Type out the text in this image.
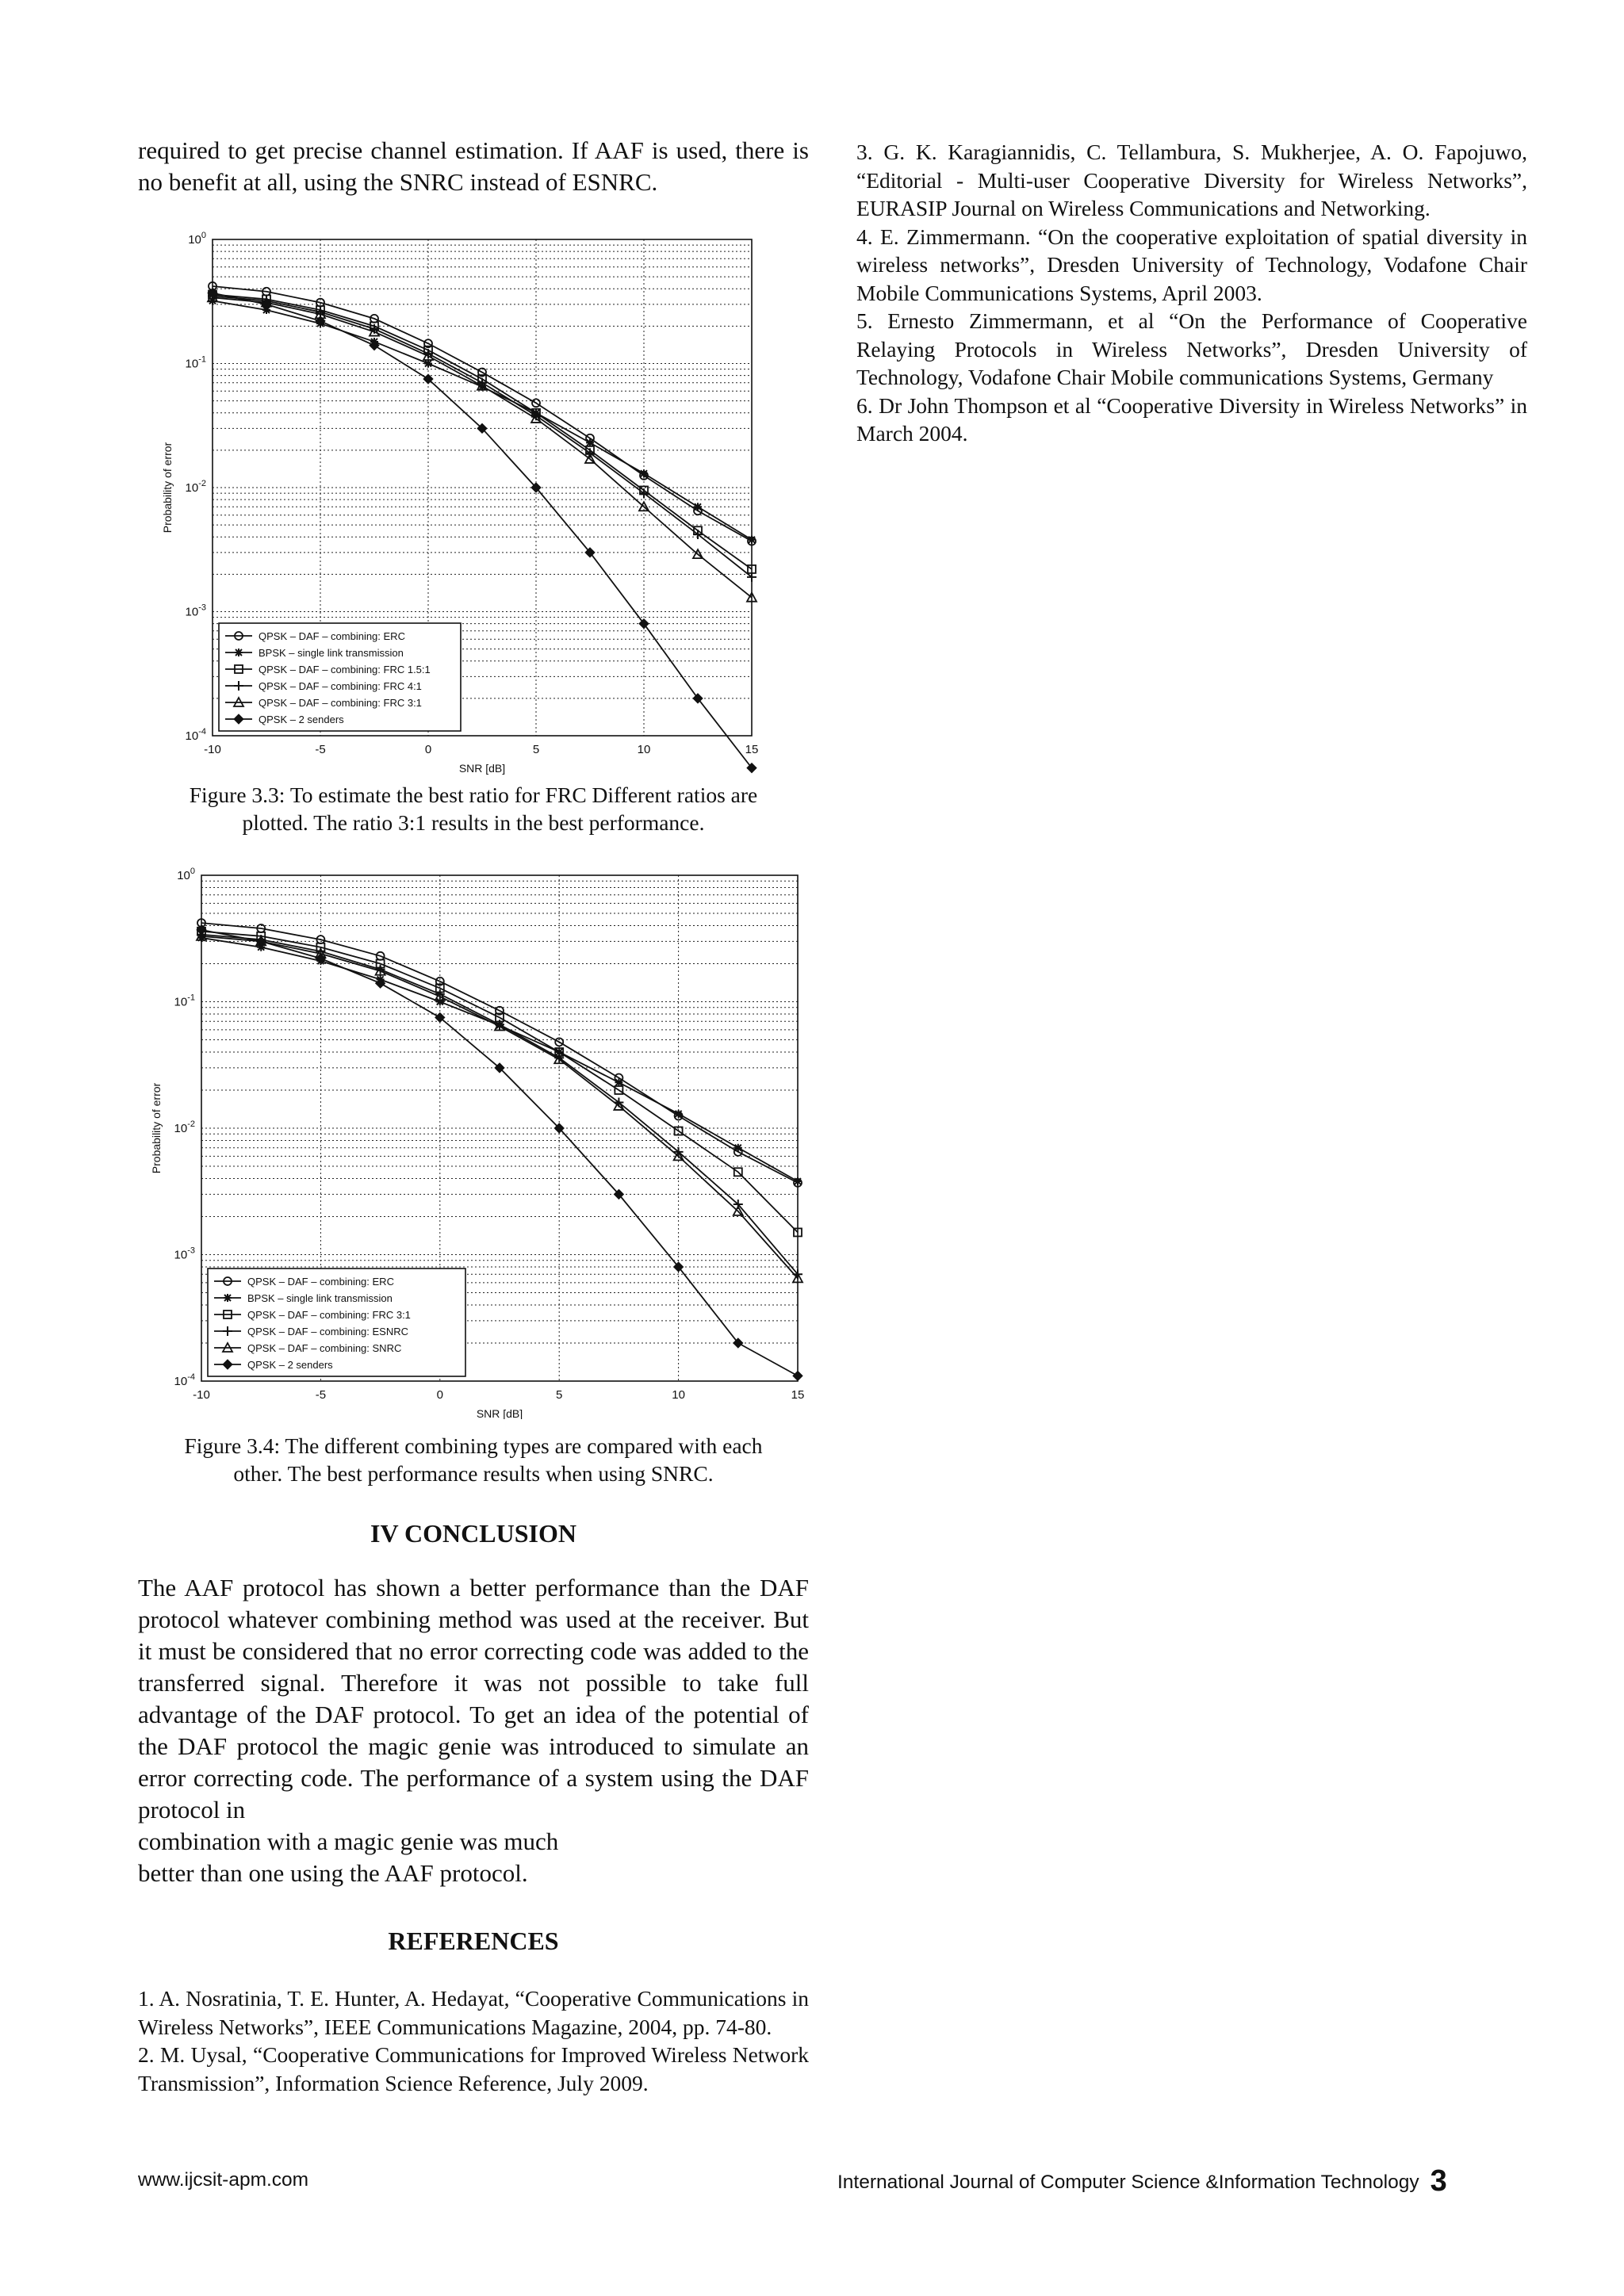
required to get precise channel estimation. If AAF is used, there is no benefit at all, using the SNRC instead of ESNRC.

$10^0$
$10^{-1}$
$10^{-2}$
$10^{-3}$
$10^{-4}$
-10	-5	0	5	10	15
SNR [dB]
Probability of error
QPSK – DAF – combining: ERC
BPSK – single link transmission
QPSK – DAF – combining: FRC 1.5:1
QPSK – DAF – combining: FRC 4:1
QPSK – DAF – combining: FRC 3:1
QPSK – 2 senders

Figure 3.3: To estimate the best ratio for FRC Different ratios are

plotted. The ratio 3:1 results in the best performance.

$10^0$
$10^{-1}$
$10^{-2}$
$10^{-3}$
$10^{-4}$
-10	-5	0	5	10	15
SNR [dB]
Probability of error
QPSK – DAF – combining: ERC
BPSK – single link transmission
QPSK – DAF – combining: FRC 3:1
QPSK – DAF – combining: ESNRC
QPSK – DAF – combining: SNRC
QPSK – 2 senders

Figure 3.4: The different combining types are compared with each

other. The best performance results when using SNRC.

IV CONCLUSION

The AAF protocol has shown a better performance than the DAF protocol whatever combining method was used at the receiver. But it must be considered that no error correcting code was added to the transferred signal. Therefore it was not possible to take full advantage of the DAF protocol. To get an idea of the potential of the DAF protocol the magic genie was introduced to simulate an error correcting code. The performance of a system using the DAF protocol in

combination with a magic genie was much

better than one using the AAF protocol.

REFERENCES

1. A. Nosratinia, T. E. Hunter, A. Hedayat, “Cooperative Communications in Wireless Networks”, IEEE Communications Magazine, 2004, pp. 74-80.

2. M. Uysal, “Cooperative Communications for Improved Wireless Network Transmission”, Information Science Reference, July 2009.

3. G. K. Karagiannidis, C. Tellambura, S. Mukherjee, A. O. Fapojuwo, “Editorial - Multi-user Cooperative Diversity for Wireless Networks”, EURASIP Journal on Wireless Communications and Networking.

4. E. Zimmermann. “On the cooperative exploitation of spatial diversity in wireless networks”, Dresden University of Technology, Vodafone Chair Mobile Communications Systems, April 2003.

5. Ernesto Zimmermann, et al “On the Performance of Cooperative Relaying Protocols in Wireless Networks”, Dresden University of Technology, Vodafone Chair Mobile communications Systems, Germany

6. Dr John Thompson et al “Cooperative Diversity in Wireless Networks” in March 2004.

www.ijcsit-apm.com	International Journal of Computer Science &Information Technology 3
